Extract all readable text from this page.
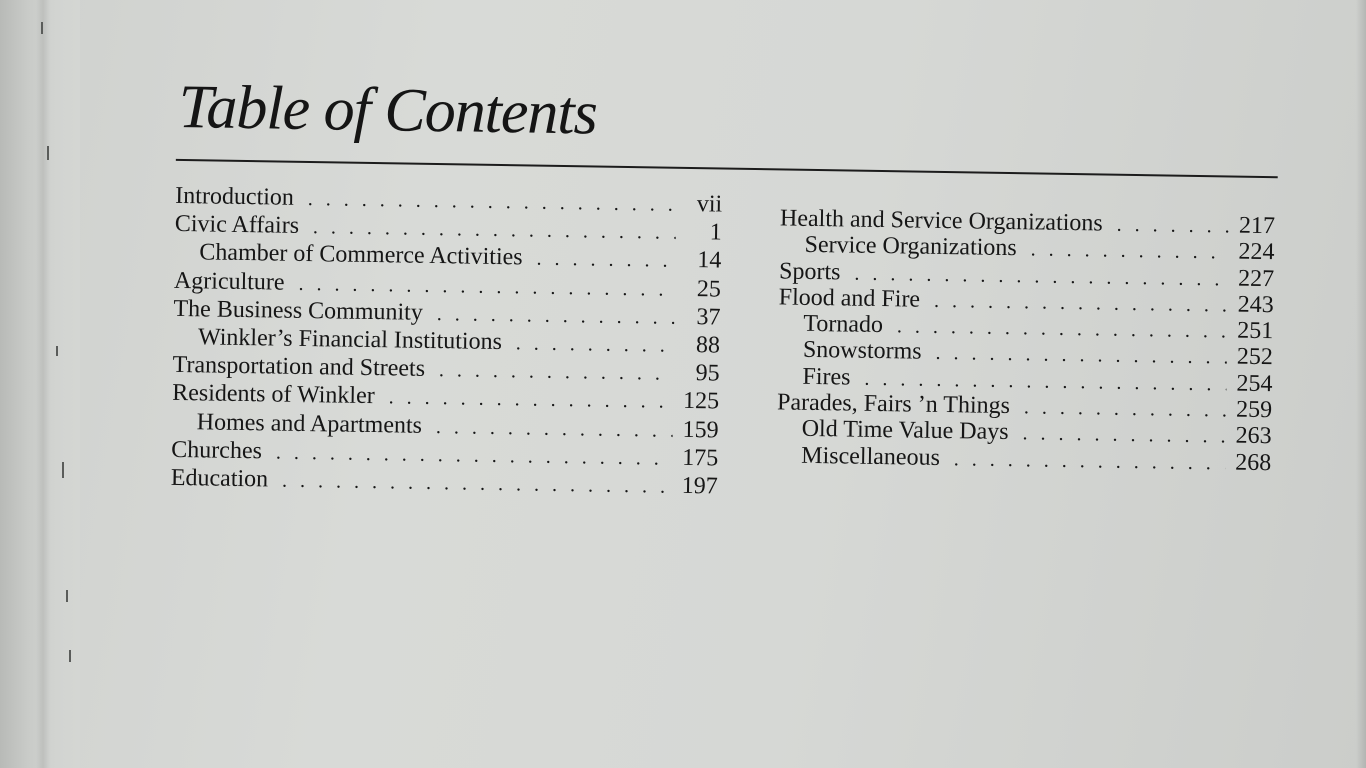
Table of Contents
Introduction . . .	vii
Civic Affairs . . .	1
Chamber of Commerce Activities . . .	14
Agriculture . . .	25
The Business Community . . .	37
Winkler’s Financial Institutions . . .	88
Transportation and Streets . . .	95
Residents of Winkler . . .	125
Homes and Apartments . . .	159
Churches . . .	175
Education . . .	197
Health and Service Organizations . . .	217
Service Organizations . . .	224
Sports . . .	227
Flood and Fire . . .	243
Tornado . . .	251
Snowstorms . . .	252
Fires . . .	254
Parades, Fairs ’n Things . . .	259
Old Time Value Days . . .	263
Miscellaneous . . .	268
